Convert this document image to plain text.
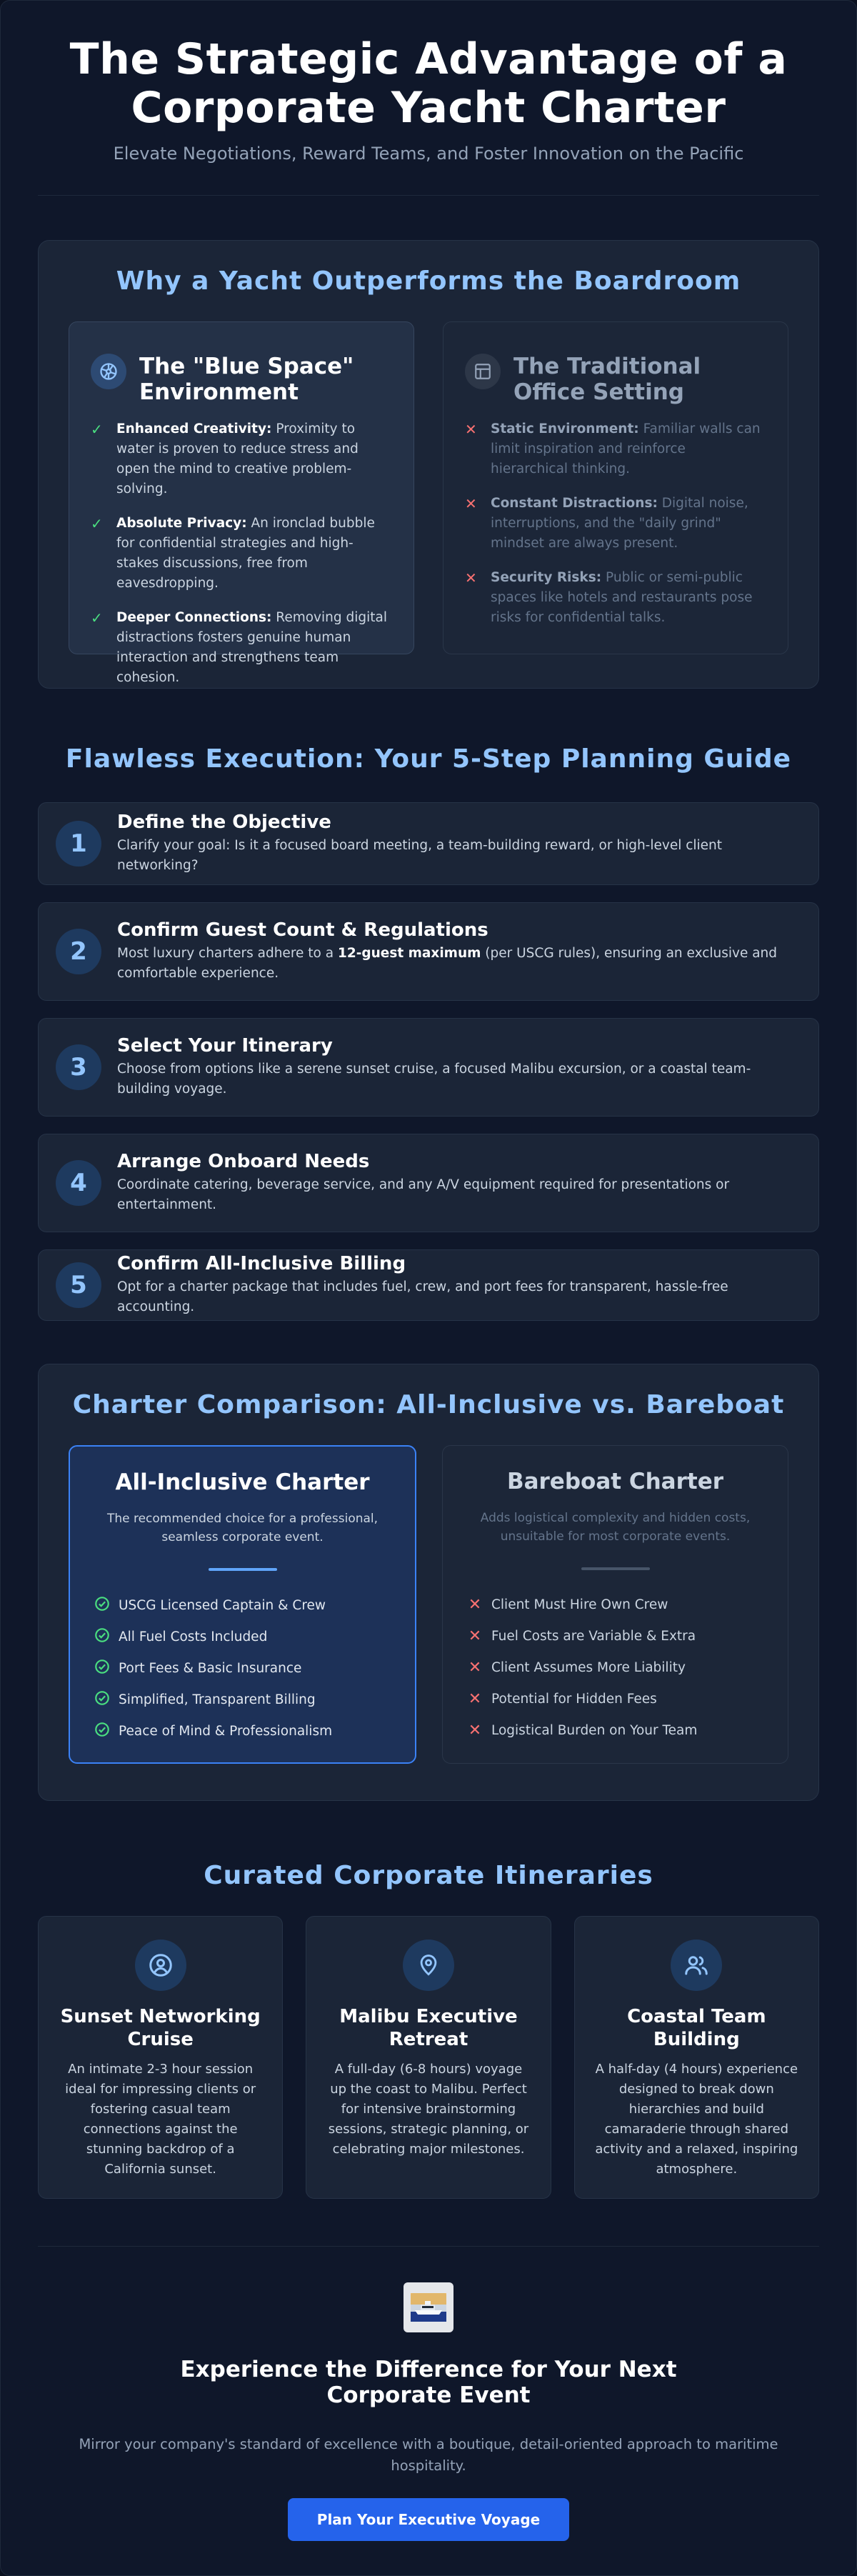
The Strategic Advantage of a Corporate Yacht Charter

Elevate Negotiations, Reward Teams, and Foster Innovation on the Pacific

Why a Yacht Outperforms the Boardroom
The "Blue Space" Environment
✓ Enhanced Creativity: Proximity to water is proven to reduce stress and open the mind to creative problem-solving.
✓ Absolute Privacy: An ironclad bubble for confidential strategies and high-stakes discussions, free from eavesdropping.
✓ Deeper Connections: Removing digital distractions fosters genuine human interaction and strengthens team cohesion.
The Traditional Office Setting
✕ Static Environment: Familiar walls can limit inspiration and reinforce hierarchical thinking.
✕ Constant Distractions: Digital noise, interruptions, and the "daily grind" mindset are always present.
✕ Security Risks: Public or semi-public spaces like hotels and restaurants pose risks for confidential talks.
Flawless Execution: Your 5-Step Planning Guide
1
Define the Objective

Clarify your goal: Is it a focused board meeting, a team-building reward, or high-level client networking?

2
Confirm Guest Count & Regulations

Most luxury charters adhere to a 12-guest maximum (per USCG rules), ensuring an exclusive and comfortable experience.

3
Select Your Itinerary

Choose from options like a serene sunset cruise, a focused Malibu excursion, or a coastal team-building voyage.

4
Arrange Onboard Needs

Coordinate catering, beverage service, and any A/V equipment required for presentations or entertainment.

5
Confirm All-Inclusive Billing

Opt for a charter package that includes fuel, crew, and port fees for transparent, hassle-free accounting.

Charter Comparison: All-Inclusive vs. Bareboat
All-Inclusive Charter

The recommended choice for a professional, seamless corporate event.

USCG Licensed Captain & Crew
All Fuel Costs Included
Port Fees & Basic Insurance
Simplified, Transparent Billing
Peace of Mind & Professionalism
Bareboat Charter

Adds logistical complexity and hidden costs, unsuitable for most corporate events.

✕ Client Must Hire Own Crew
✕ Fuel Costs are Variable & Extra
✕ Client Assumes More Liability
✕ Potential for Hidden Fees
✕ Logistical Burden on Your Team
Curated Corporate Itineraries
Sunset Networking Cruise

An intimate 2-3 hour session ideal for impressing clients or fostering casual team connections against the stunning backdrop of a California sunset.

Malibu Executive Retreat

A full-day (6-8 hours) voyage up the coast to Malibu. Perfect for intensive brainstorming sessions, strategic planning, or celebrating major milestones.

Coastal Team Building

A half-day (4 hours) experience designed to break down hierarchies and build camaraderie through shared activity and a relaxed, inspiring atmosphere.

Experience the Difference for Your Next Corporate Event

Mirror your company's standard of excellence with a boutique, detail-oriented approach to maritime hospitality.

Plan Your Executive Voyage
